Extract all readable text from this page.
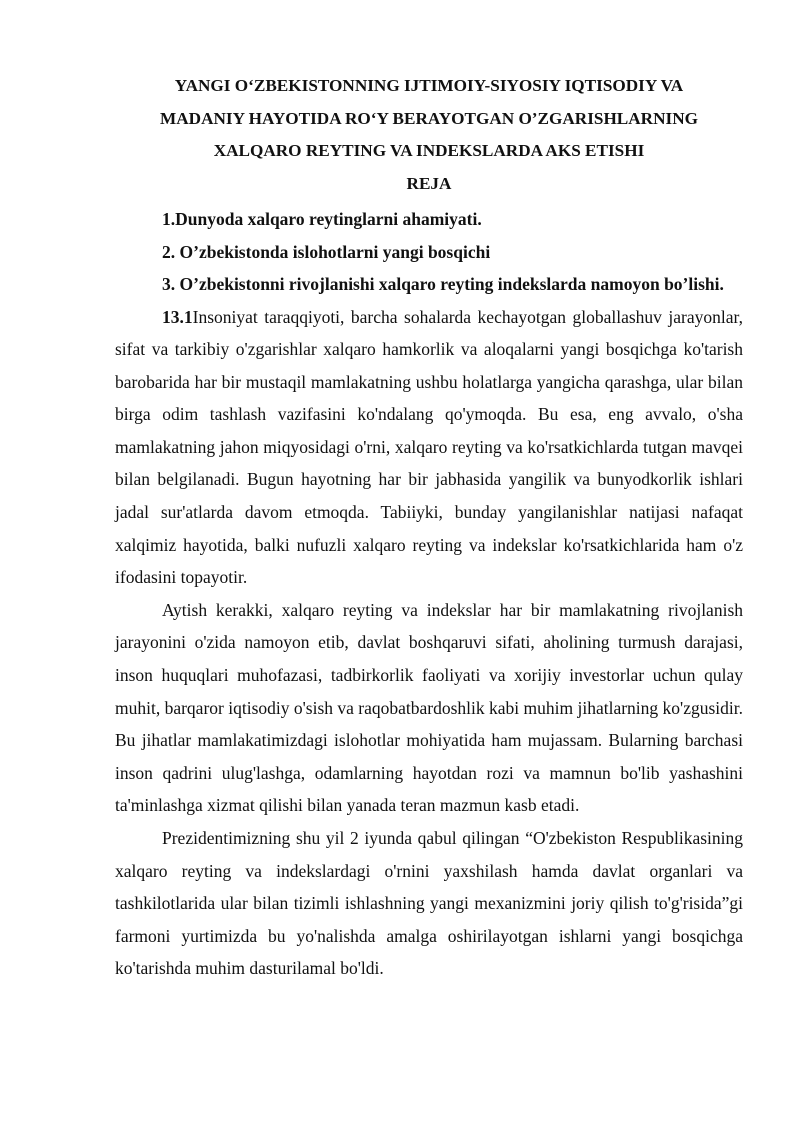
YANGI O‘ZBEKISTONNING IJTIMOIY-SIYOSIY IQTISODIY VA
MADANIY HAYOTIDA RO‘Y BERAYOTGAN O’ZGARISHLARNING
XALQARO REYTING VA INDEKSLARDA AKS ETISHI
REJA

1.Dunyoda xalqaro reytinglarni ahamiyati.

2. O’zbekistonda islohotlarni yangi bosqichi

3. O’zbekistonni rivojlanishi xalqaro reyting indekslarda namoyon bo’lishi.

13.1Insoniyat taraqqiyoti, barcha sohalarda kechayotgan globallashuv jarayonlar, sifat va tarkibiy o'zgarishlar xalqaro hamkorlik va aloqalarni yangi bosqichga ko'tarish barobarida har bir mustaqil mamlakatning ushbu holatlarga yangicha qarashga, ular bilan birga odim tashlash vazifasini ko'ndalang qo'ymoqda. Bu esa, eng avvalo, o'sha mamlakatning jahon miqyosidagi o'rni, xalqaro reyting va ko'rsatkichlarda tutgan mavqei bilan belgilanadi. Bugun hayotning har bir jabhasida yangilik va bunyodkorlik ishlari jadal sur'atlarda davom etmoqda. Tabiiyki, bunday yangilanishlar natijasi nafaqat xalqimiz hayotida, balki nufuzli xalqaro reyting va indekslar ko'rsatkichlarida ham o'z ifodasini topayotir.

Aytish kerakki, xalqaro reyting va indekslar har bir mamlakatning rivojlanish jarayonini o'zida namoyon etib, davlat boshqaruvi sifati, aholining turmush darajasi, inson huquqlari muhofazasi, tadbirkorlik faoliyati va xorijiy investorlar uchun qulay muhit, barqaror iqtisodiy o'sish va raqobatbardoshlik kabi muhim jihatlarning ko'zgusidir. Bu jihatlar mamlakatimizdagi islohotlar mohiyatida ham mujassam. Bularning barchasi inson qadrini ulug'lashga, odamlarning hayotdan rozi va mamnun bo'lib yashashini ta'minlashga xizmat qilishi bilan yanada teran mazmun kasb etadi.

Prezidentimizning shu yil 2 iyunda qabul qilingan “O'zbekiston Respublikasining xalqaro reyting va indekslardagi o'rnini yaxshilash hamda davlat organlari va tashkilotlarida ular bilan tizimli ishlashning yangi mexanizmini joriy qilish to'g'risida”gi farmoni yurtimizda bu yo'nalishda amalga oshirilayotgan ishlarni yangi bosqichga ko'tarishda muhim dasturilamal bo'ldi.
